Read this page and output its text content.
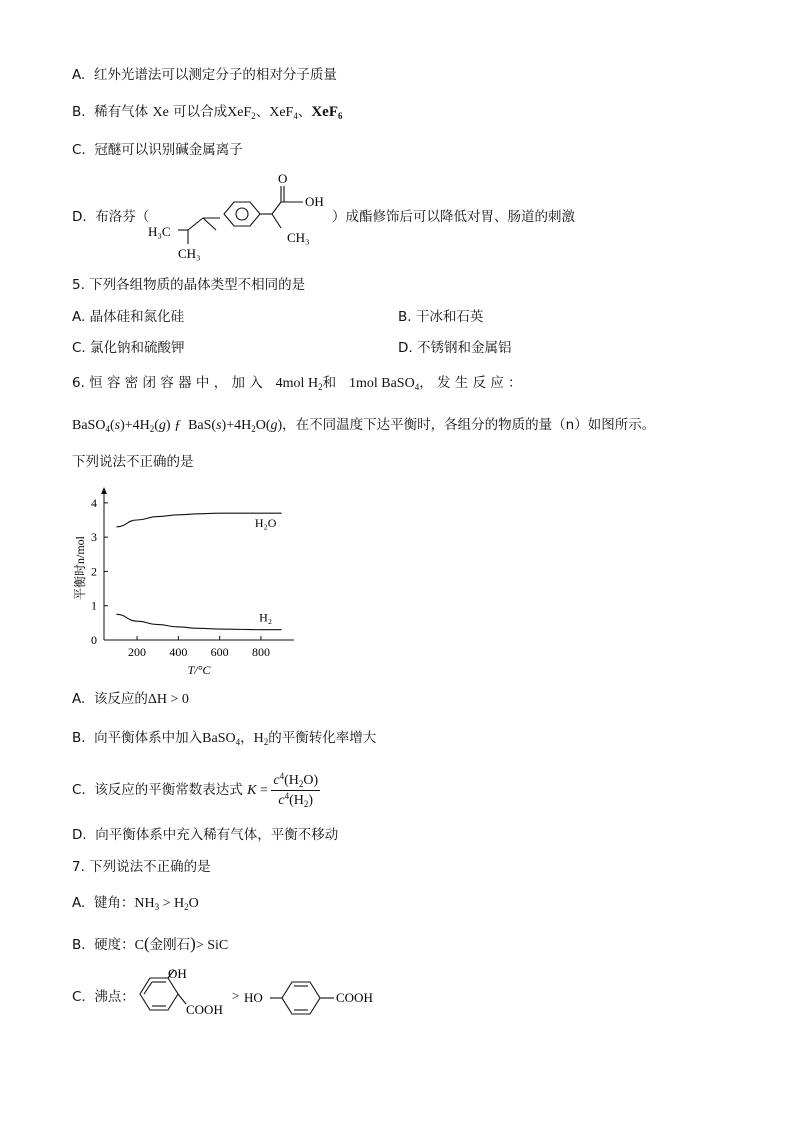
A. 红外光谱法可以测定分子的相对分子质量
B. 稀有气体 Xe 可以合成XeF$_2$、XeF$_4$、XeF$_6$
C. 冠醚可以识别碱金属离子
D. 布洛芬（
H₃C
CH₃
O
OH
CH₃
）成酯修饰后可以降低对胃、肠道的刺激
5. 下列各组物质的晶体类型不相同的是
A. 晶体硅和氮化硅	B. 干冰和石英
C. 氯化钠和硫酸钾	D. 不锈钢和金属铝
6. 恒 容 密 闭 容 器 中 ， 加 入 4mol $H_2$和 1mol BaSO$_4$， 发 生 反 应 ：
$BaSO_4(s)+4H_2(g)$ ƒ  $BaS(s)+4H_2O(g)$，在不同温度下达平衡时，各组分的物质的量（n）如图所示。
下列说法不正确的是
0
1
2
3
4
200 400 600 800
H₂O
H₂
平衡时n/mol
T/°C
A. 该反应的ΔH > 0
B. 向平衡体系中加入BaSO$_4$，$H_2$的平衡转化率增大
C. 该反应的平衡常数表达式 $K = \frac{c^4(H_2O)}{c^4(H_2)}$
D. 向平衡体系中充入稀有气体，平衡不移动
7. 下列说法不正确的是
A. 键角：$NH_3 > H_2O$
B. 硬度：C(金刚石)> SiC
C. 沸点：
OH
COOH
> HO	COOH
